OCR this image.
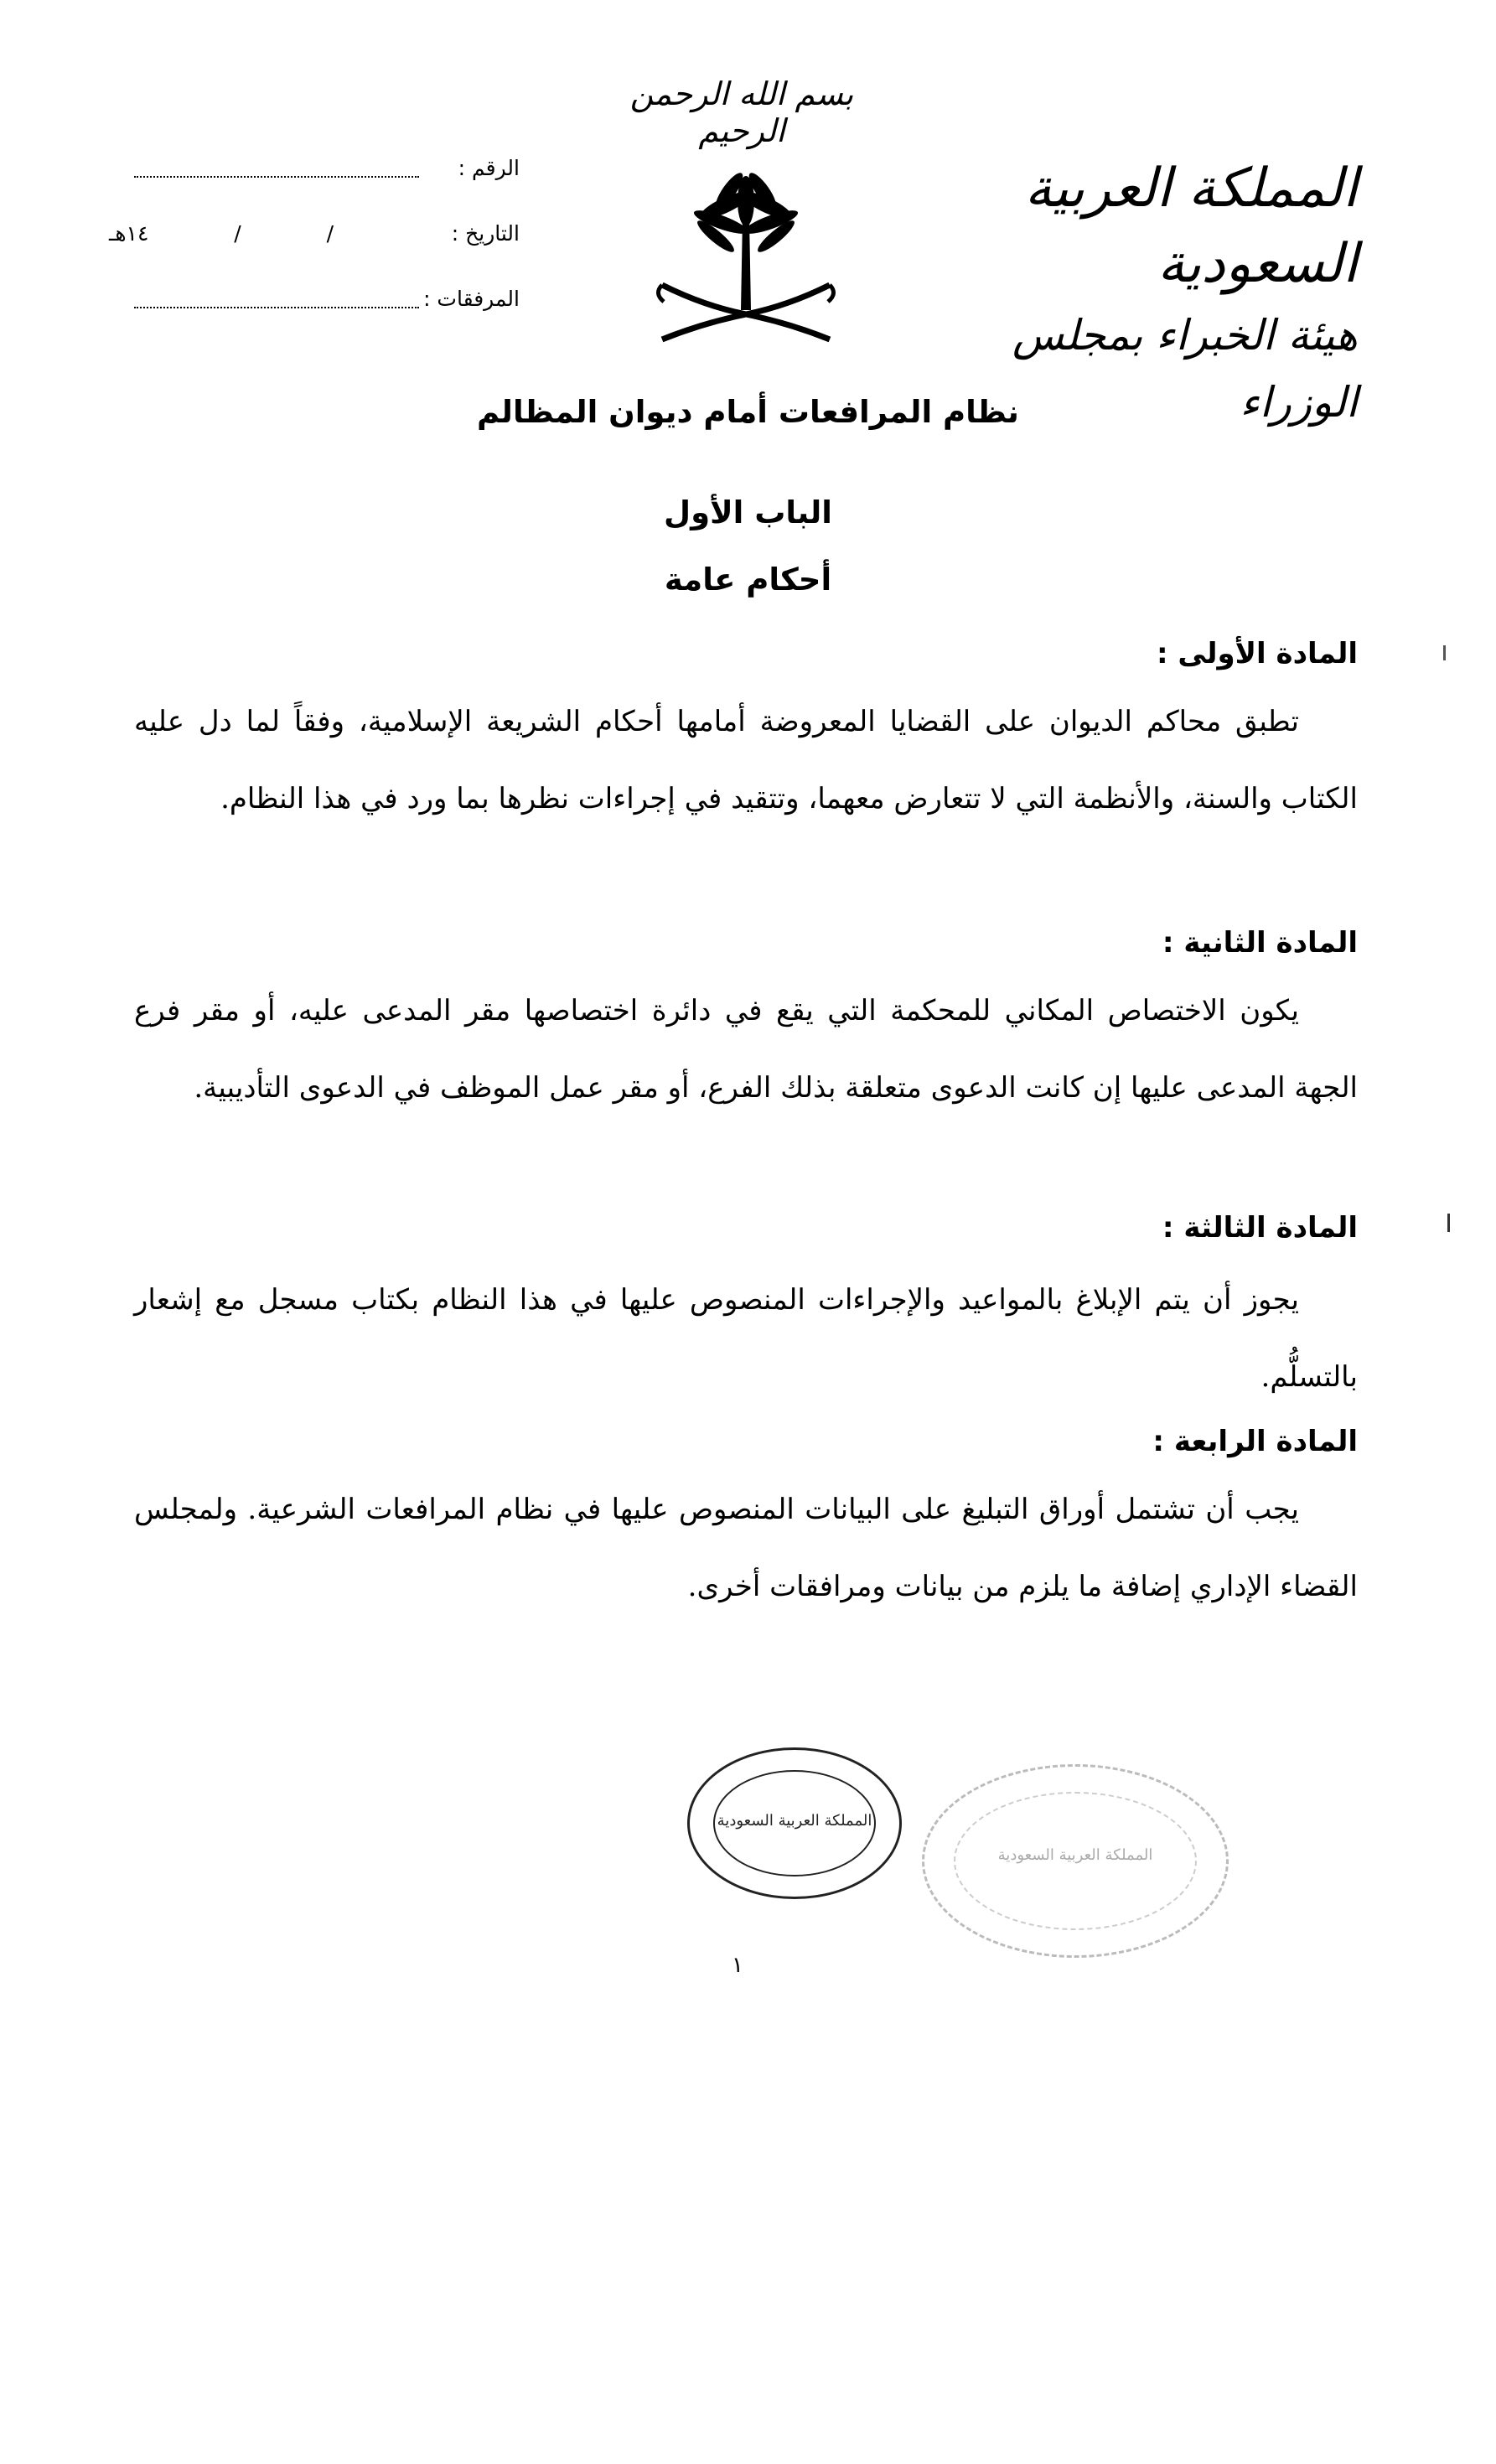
بسم الله الرحمن الرحيم
المملكة العربية السعودية
هيئة الخبراء بمجلس الوزراء
الرقم :
التاريخ :
١٤هـ	/	/
المرفقات :
نظام المرافعات أمام ديوان المظالم
الباب الأول
أحكام عامة
المادة الأولى :
تطبق محاكم الديوان على القضايا المعروضة أمامها أحكام الشريعة الإسلامية، وفقاً لما دل عليه الكتاب والسنة، والأنظمة التي لا تتعارض معهما، وتتقيد في إجراءات نظرها بما ورد في هذا النظام.
المادة الثانية :
يكون الاختصاص المكاني للمحكمة التي يقع في دائرة اختصاصها مقر المدعى عليه، أو مقر فرع الجهة المدعى عليها إن كانت الدعوى متعلقة بذلك الفرع، أو مقر عمل الموظف في الدعوى التأديبية.
المادة الثالثة :
يجوز أن يتم الإبلاغ بالمواعيد والإجراءات المنصوص عليها في هذا النظام بكتاب مسجل مع إشعار بالتسلُّم.
المادة الرابعة :
يجب أن تشتمل أوراق التبليغ على البيانات المنصوص عليها في نظام المرافعات الشرعية. ولمجلس القضاء الإداري إضافة ما يلزم من بيانات ومرافقات أخرى.
المملكة العربية السعودية
المملكة العربية السعودية
١
